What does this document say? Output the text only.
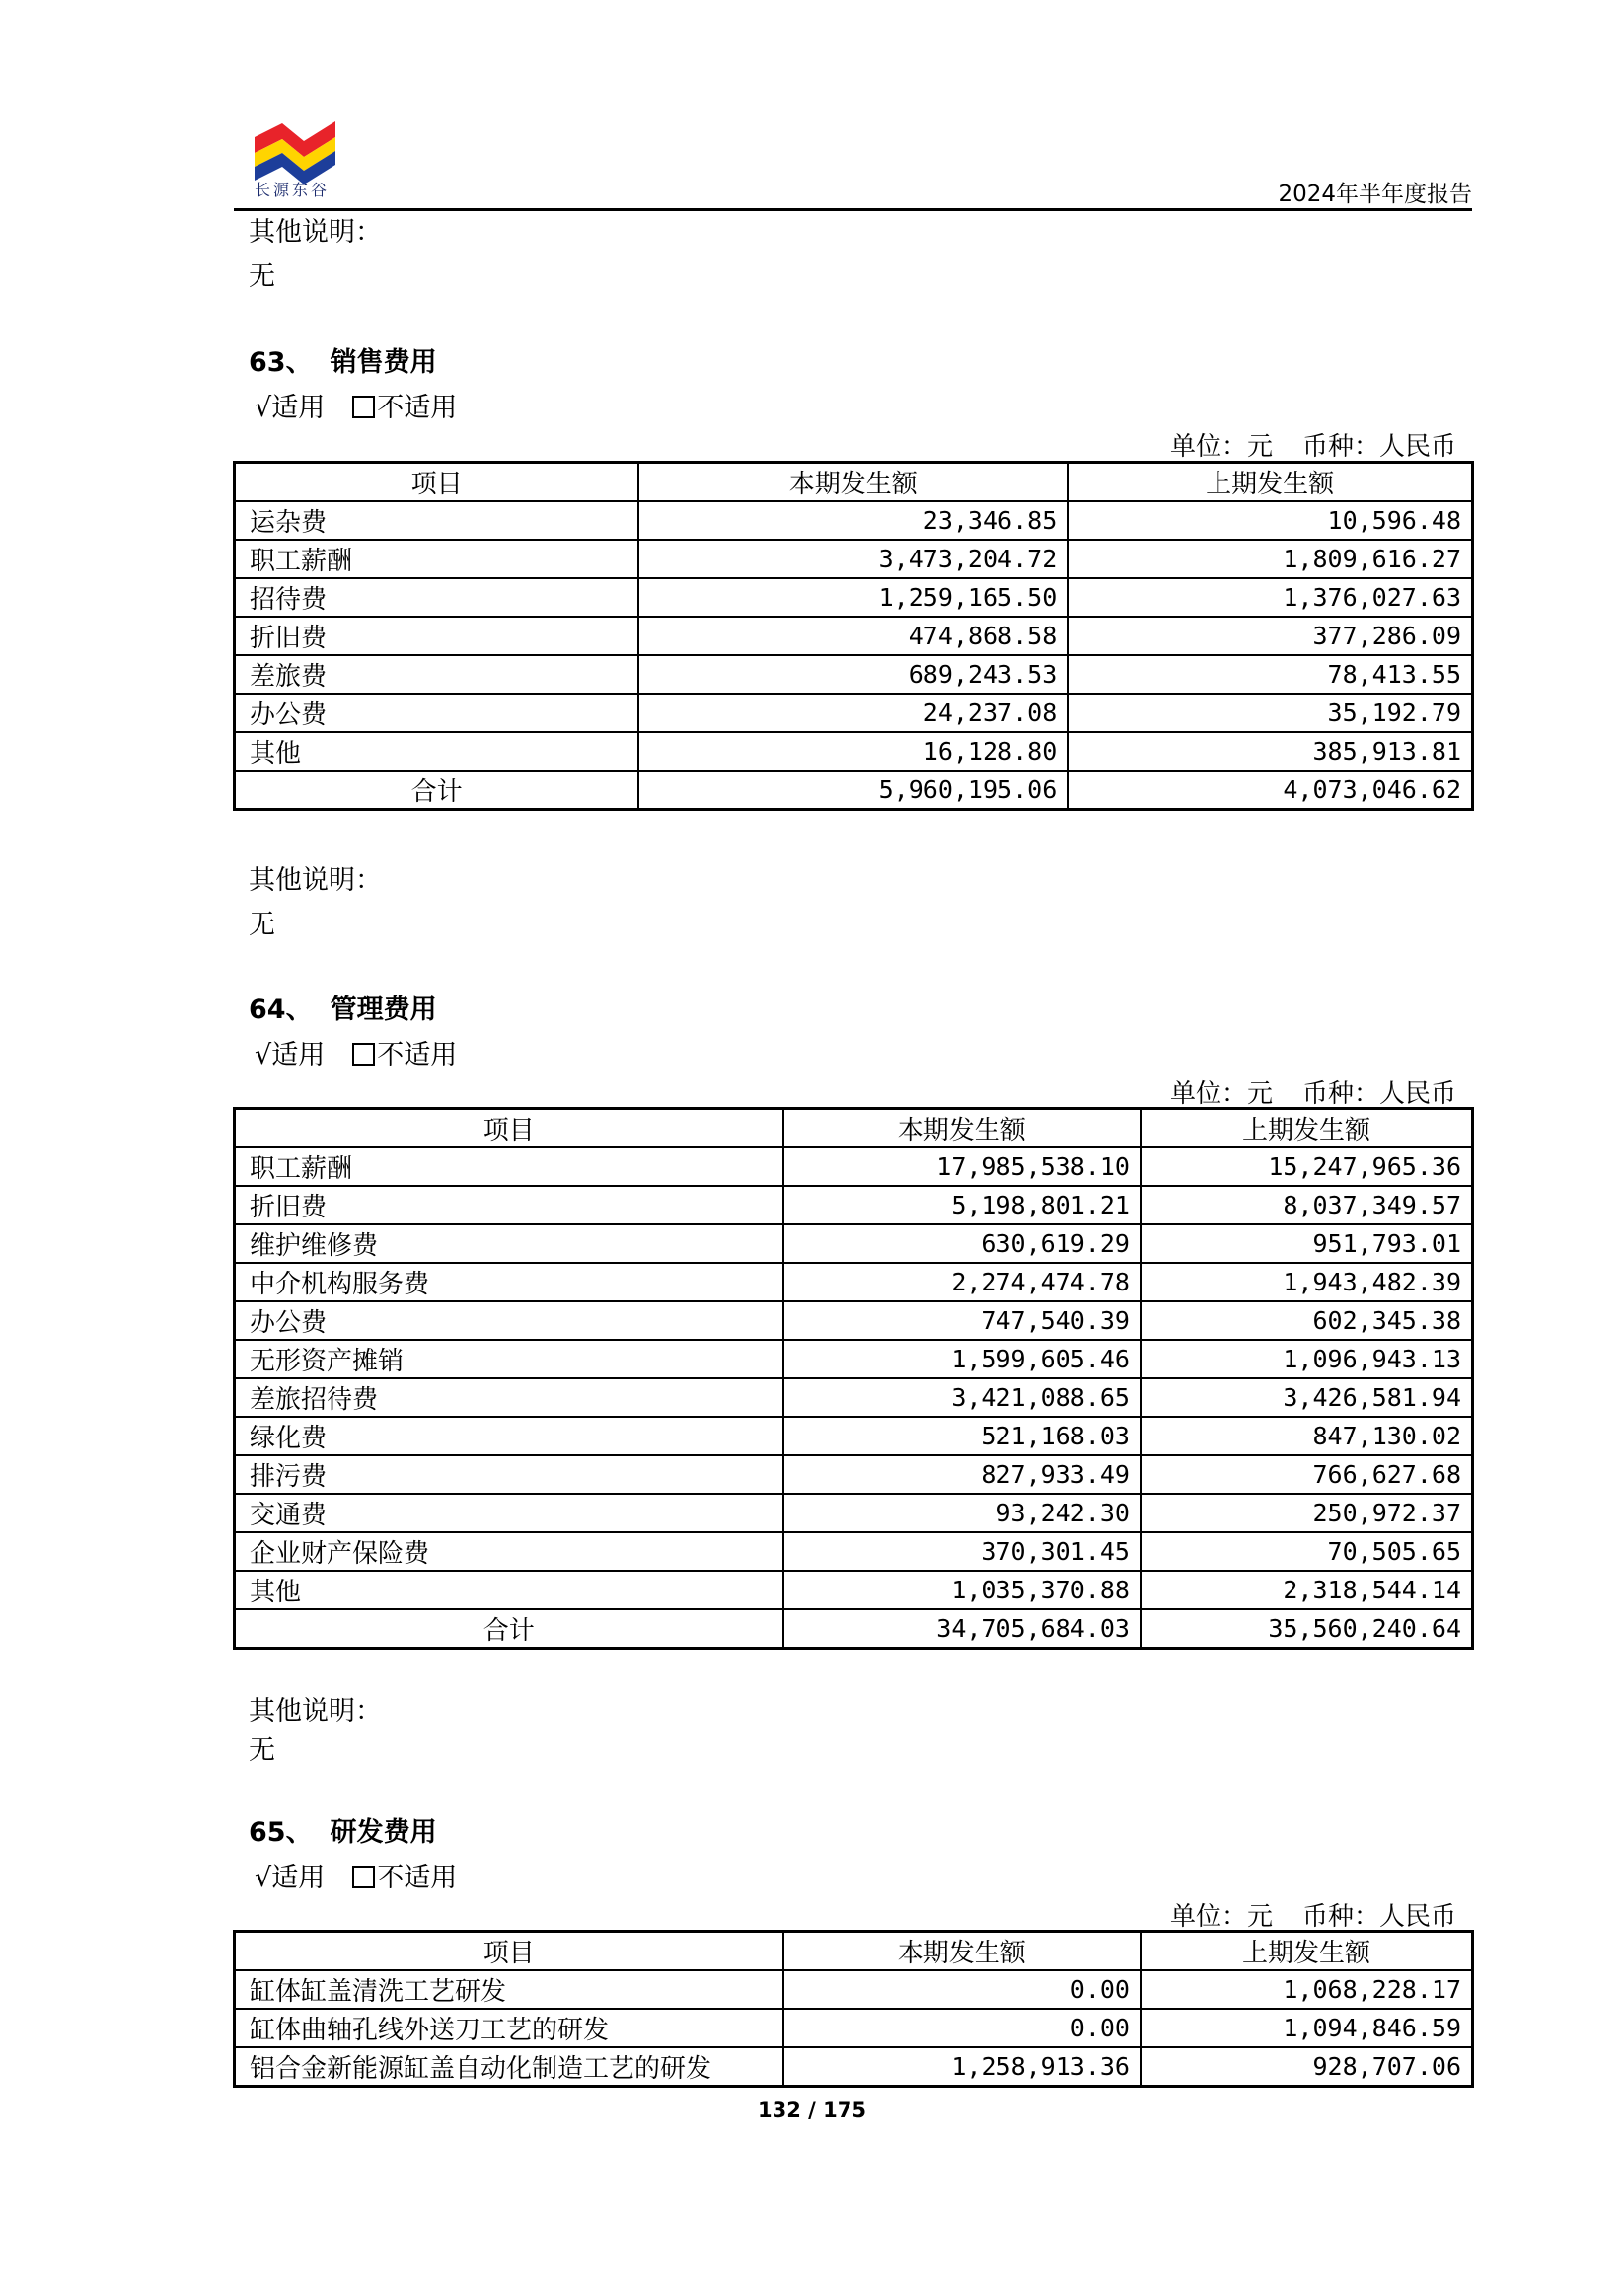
长源东谷	2024年半年度报告
其他说明：
无
63、 销售费用
√适用 不适用
单位：元 币种：人民币
项目	本期发生额	上期发生额
运杂费	23,346.85	10,596.48
职工薪酬	3,473,204.72	1,809,616.27
招待费	1,259,165.50	1,376,027.63
折旧费	474,868.58	377,286.09
差旅费	689,243.53	78,413.55
办公费	24,237.08	35,192.79
其他	16,128.80	385,913.81
合计	5,960,195.06	4,073,046.62
其他说明：
无
64、 管理费用
√适用 不适用
单位：元 币种：人民币
项目	本期发生额	上期发生额
职工薪酬	17,985,538.10	15,247,965.36
折旧费	5,198,801.21	8,037,349.57
维护维修费	630,619.29	951,793.01
中介机构服务费	2,274,474.78	1,943,482.39
办公费	747,540.39	602,345.38
无形资产摊销	1,599,605.46	1,096,943.13
差旅招待费	3,421,088.65	3,426,581.94
绿化费	521,168.03	847,130.02
排污费	827,933.49	766,627.68
交通费	93,242.30	250,972.37
企业财产保险费	370,301.45	70,505.65
其他	1,035,370.88	2,318,544.14
合计	34,705,684.03	35,560,240.64
其他说明：
无
65、 研发费用
√适用 不适用
单位：元 币种：人民币
项目	本期发生额	上期发生额
缸体缸盖清洗工艺研发	0.00	1,068,228.17
缸体曲轴孔线外送刀工艺的研发	0.00	1,094,846.59
铝合金新能源缸盖自动化制造工艺的研发	1,258,913.36	928,707.06
132 / 175
